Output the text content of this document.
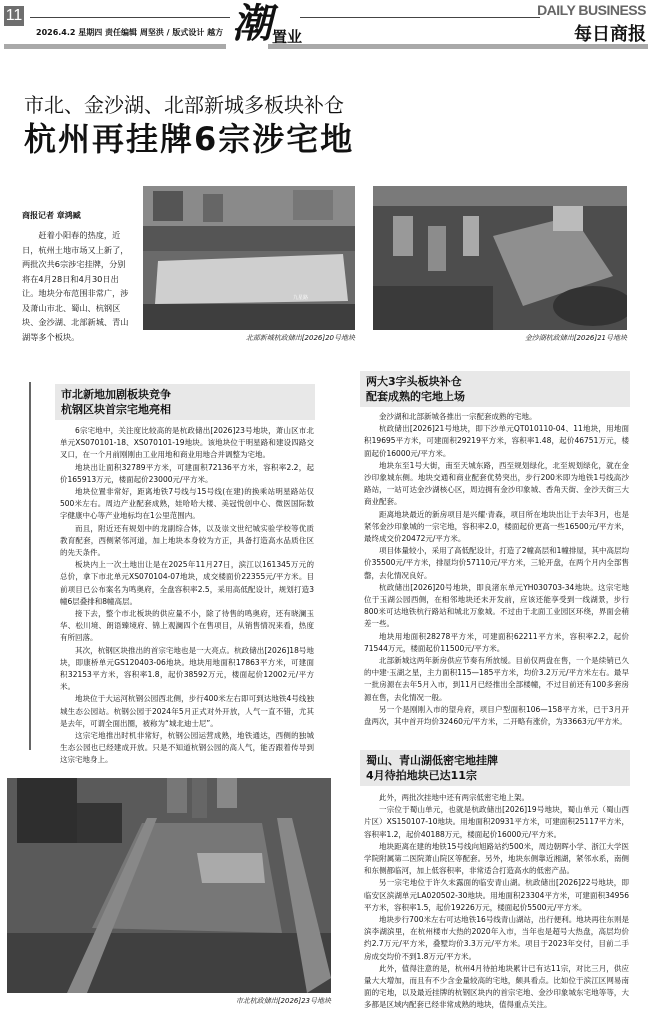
11
2026.4.2 星期四 责任编辑 周坚洪 / 版式设计 越方 潮 置业
DAILY BUSINESS
每日商报
市北、金沙湖、北部新城多板块补仓
杭州再挂牌6宗涉宅地
商报记者 章鸿臧
赶着小阳春的热度，近日，杭州土地市场又上新了，两批次共6宗涉宅挂牌，分别将在4月28日和4月30日出让。地块分布范围非常广，涉及萧山市北、蜀山、杭钢区块、金沙湖、北部新城、青山湖等多个板块。
九星路
北部新城杭政储出[2026]20号地块	金沙湖杭政储出[2026]21号地块
市北新地加剧板块竞争
杭钢区块首宗宅地亮相

6宗宅地中，关注度比较高的是杭政储出[2026]23号地块，萧山区市北单元XS070101-18、XS070101-19地块。该地块位于明星路和建设四路交叉口，在一个月前刚刚由工业用地和商业用地合并调整为宅地。

地块出让面积32789平方米，可建面积72136平方米，容积率2.2，起价165913万元，楼面起价23000元/平方米。

地块位置非常好，距离地铁7号线与15号线(在建)的换乘站明星路站仅500米左右。周边产业配套成熟，娃哈哈大楼、美冠悦创中心、微医国际数字健康中心等产业地标均在1公里范围内。

而且，附近还有规划中的龙副综合体，以及崇文世纪城实验学校等优质教育配套，西侧紧邻河道，加上地块本身较为方正，具备打造高水品质住区的先天条件。

板块内上一次土地出让是在2025年11月27日，滨江以161345万元的总价，拿下市北单元XS070104-07地块，成交楼面价22355元/平方米。目前项目已公布案名为鸣奥府，全盘容积率2.5，采用高低配设计，规划打造3幢6层叠排和8幢高层。

接下去，整个市北板块的供应量不小，除了待售的鸣奥府，还有晓澜玉华、松川境、朗语臻境府、锦上观澜四个在售项目，从销售情况来看，热度有所回落。

其次，杭钢区块推出的首宗宅地也是一大亮点。杭政储出[2026]18号地块，即康桥单元GS120403-06地块。地块用地面积17863平方米，可建面积32153平方米，容积率1.8，起价38592万元，楼面起价12002元/平方米。

地块位于大运河杭钢公园西北侧，步行400米左右即可到达地铁4号线独城生态公园站。杭钢公园于2024年5月正式对外开放，人气一直不错，尤其是去年，可谓全面出圈，被称为“城北迪士尼”。

这宗宅地推出时机非常好，杭钢公园运营成熟，地铁通达，西侧的独城生态公园也已经建成开放。只是不知道杭钢公园的高人气，能否跟着传导到这宗宅地身上。

市北杭政储出[2026]23号地块
两大3字头板块补仓
配套成熟的宅地上场

金沙湖和北部新城各推出一宗配套成熟的宅地。

杭政储出[2026]21号地块，即下沙单元QT010110-04、11地块，用地面积19695平方米，可建面积29219平方米，容积率1.48，起价46751万元，楼面起价16000元/平方米。

地块东至1号大街，南至天城东路，西至规划绿化，北至规划绿化，就在金沙印象城东侧。地块交通和商业配套优势突出，步行200米即为地铁1号线高沙路站，一站可达金沙湖核心区，周边拥有金沙印象城、香角天街、金沙天街三大商业配套。

距离地块最近的新房项目是兴耀·青森，项目所在地块出让于去年3月，也是紧邻金沙印象城的一宗宅地，容积率2.0，楼面起价更高一些16500元/平方米，最终成交价20472元/平方米。

项目体量较小，采用了高低配设计，打造了2幢高层和1幢排屋，其中高层均价35500元/平方米，排屋均价57110元/平方米，三轮开盘，在两个月内全部售罄，去化情况良好。

杭政储出[2026]20号地块，即良渚东单元YH030703-34地块。这宗宅地位于玉湖公园西侧，在相邻地块还未开发前，应该还能享受到一线湖景，步行800米可达地铁杭行路站和城北万象城。不过由于北面工业园区环绕，界面会稍差一些。

地块用地面积28278平方米，可建面积62211平方米，容积率2.2，起价71544万元，楼面起价11500元/平方米。

北部新城这两年新房供应节奏有所放缓。目前仅两盘在售，一个是续销已久的中建·玉湖之星，主力面积115—185平方米，均价3.2万元/平方米左右。最早一批房源在去年5月入市，到11月已经推出全部楼幢，不过目前还有100多套房源在售，去化情况一般。

另一个是刚刚入市的望舟府，项目户型面积106—158平方米，已于3月开盘两次，其中首开均价32460元/平方米，二开略有涨价，为33663元/平方米。

蜀山、青山湖低密宅地挂牌
4月待拍地块已达11宗

此外，两批次挂地中还有两宗低密宅地上架。

一宗位于蜀山单元，也就是杭政储出[2026]19号地块，蜀山单元（蜀山西片区）XS150107-10地块。用地面积20931平方米，可建面积25117平方米，容积率1.2，起价40188万元，楼面起价16000元/平方米。

地块距离在建的地铁15号线向旭路站约500米，周边朝晖小学、浙江大学医学院附属第二医院萧山院区等配套。另外，地块东侧靠近湘湖，紧邻水系，南侧和东侧都临河，加上低容积率，非常适合打造高水的低密产品。

另一宗宅地位于许久未露面的临安青山湖。杭政储出[2026]22号地块，即临安区滨湖单元LA020502-30地块。用地面积23304平方米，可建面积34956平方米，容积率1.5，起价19226万元，楼面起价5500元/平方米。

地块步行700米左右可达地铁16号线青山湖站，出行便利。地块再往东则是滨李湖滨里，在杭州楼市大热的2020年入市，当年也是超号大热盘，高层均价约2.7万元/平方米，叠墅均价3.3万元/平方米。项目于2023年交付，目前二手房成交均价不到1.8万元/平方米。

此外，值得注意的是，杭州4月待拍地块累计已有达11宗，对比三月，供应量大大增加，而且有不少含金量较高的宅地，颇具看点。比如位于滨江区网易南面的宅地，以及最近挂牌的杭钢区块内的首宗宅地、金沙印象城东宅地等等，大多都是区域内配套已经非常成熟的地块，值得重点关注。
